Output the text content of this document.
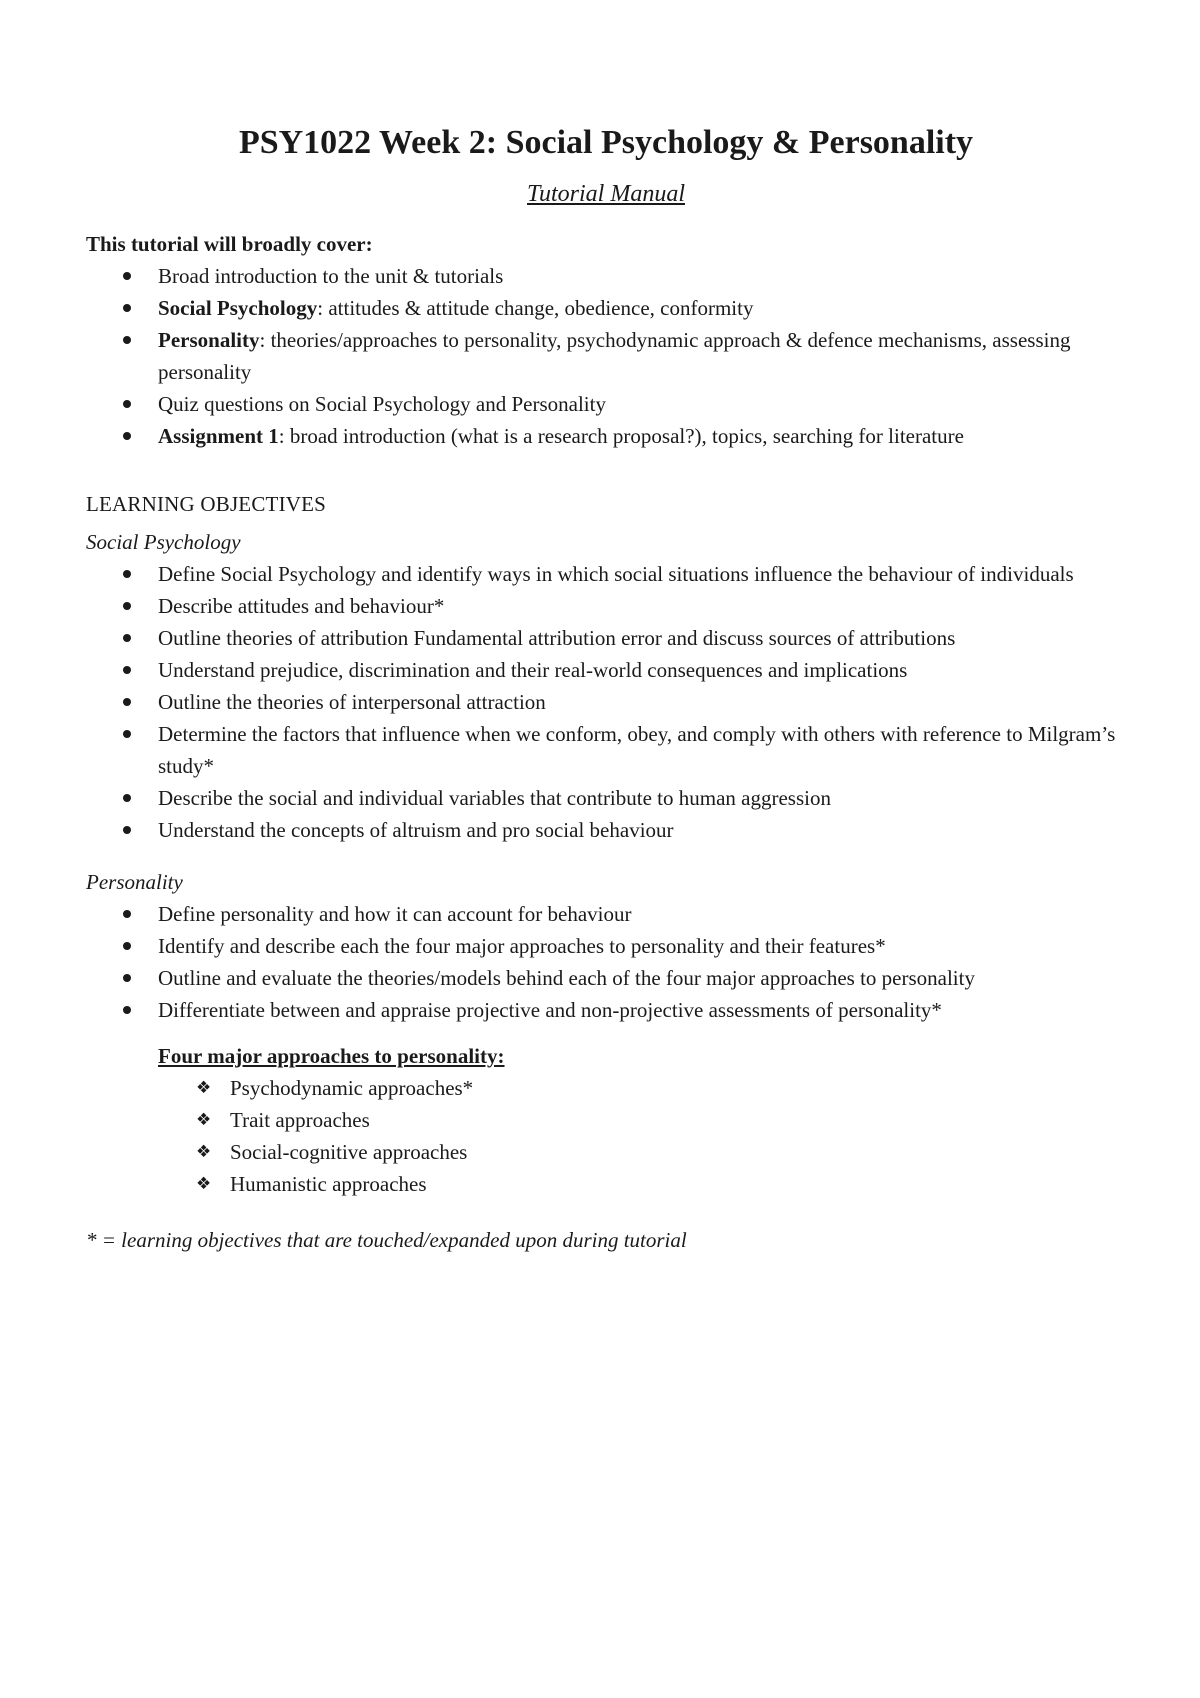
PSY1022 Week 2: Social Psychology & Personality

Tutorial Manual

This tutorial will broadly cover:

Broad introduction to the unit & tutorials
Social Psychology: attitudes & attitude change, obedience, conformity
Personality: theories/approaches to personality, psychodynamic approach & defence mechanisms, assessing personality
Quiz questions on Social Psychology and Personality
Assignment 1: broad introduction (what is a research proposal?), topics, searching for literature

LEARNING OBJECTIVES

Social Psychology

Define Social Psychology and identify ways in which social situations influence the behaviour of individuals
Describe attitudes and behaviour*
Outline theories of attribution Fundamental attribution error and discuss sources of attributions
Understand prejudice, discrimination and their real-world consequences and implications
Outline the theories of interpersonal attraction
Determine the factors that influence when we conform, obey, and comply with others with reference to Milgram’s study*
Describe the social and individual variables that contribute to human aggression
Understand the concepts of altruism and pro social behaviour

Personality

Define personality and how it can account for behaviour
Identify and describe each the four major approaches to personality and their features*
Outline and evaluate the theories/models behind each of the four major approaches to personality
Differentiate between and appraise projective and non-projective assessments of personality*

Four major approaches to personality:

❖ Psychodynamic approaches*
❖ Trait approaches
❖ Social-cognitive approaches
❖ Humanistic approaches

* = learning objectives that are touched/expanded upon during tutorial
